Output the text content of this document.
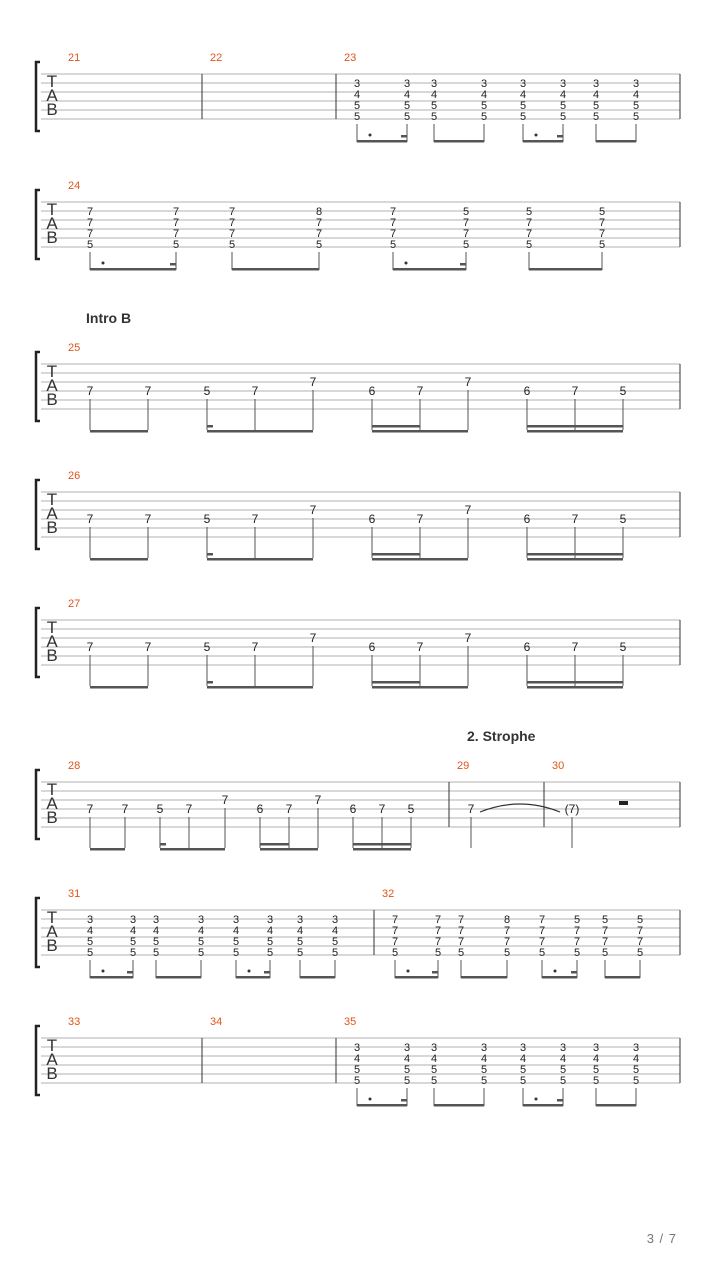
T
A
B
21	22	23
3
4
5
5
3
4
5
5
3
4
5
5
3
4
5
5
3
4
5
5
3
4
5
5
3
4
5
5
3
4
5
5
T
A
B
24
7
7
7
5
7
7
7
5
7
7
7
5
8
7
7
5
7
7
7
5
5
7
7
5
5
7
7
5
5
7
7
5
T
A
B
25
7	7	5	7
7
6	7
7
6	7	5
Intro B
T
A
B
26
7	7	5	7
7
6	7
7
6	7	5
T
A
B
27
7	7	5	7
7
6	7
7
6	7	5
T
A
B
28
7 7 5 7
7
6 7
7
6 7 5
29
7
30
(7)
2. Strophe
T
A
B
31
3
4
5
5
3
4
5
5
3
4
5
5
3
4
5
5
3
4
5
5
3
4
5
5
3
4
5
5
3
4
5
5
32
7
7
7
5
7
7
7
5
7
7
7
5
8
7
7
5
7
7
7
5
5
7
7
5
5
7
7
5
5
7
7
5
T
A
B
33	34	35
3
4
5
5
3
4
5
5
3
4
5
5
3
4
5
5
3
4
5
5
3
4
5
5
3
4
5
5
3
4
5
5
3 / 7
